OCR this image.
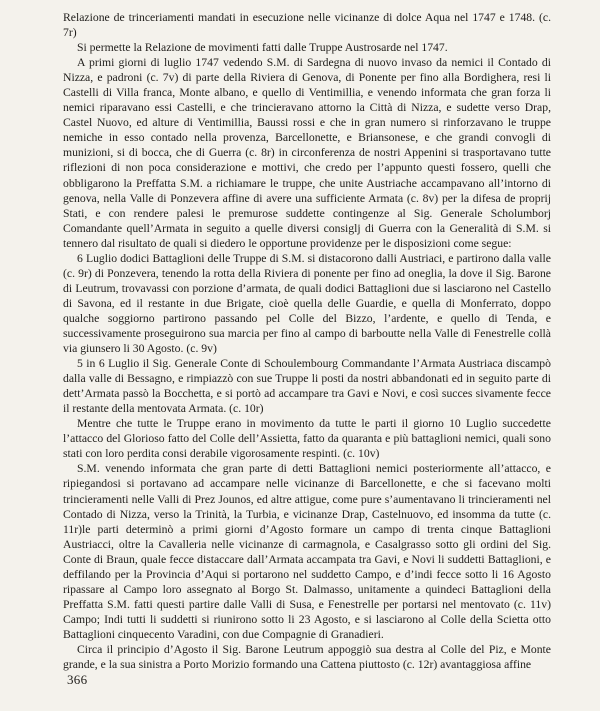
Relazione de trinceriamenti mandati in esecuzione nelle vicinanze di dolce Aqua nel 1747 e 1748. (c. 7r)

Si permette la Relazione de movimenti fatti dalle Truppe Austrosarde nel 1747.

A primi giorni di luglio 1747 vedendo S.M. di Sardegna di nuovo invaso da nemici il Contado di Nizza, e padroni (c. 7v) di parte della Riviera di Genova, di Ponente per fino alla Bordighera, resi li Castelli di Villa franca, Monte albano, e quello di Ventimillia, e venendo informata che gran forza li nemici riparavano essi Castelli, e che trincieravano attorno la Città di Nizza, e sudette verso Drap, Castel Nuovo, ed alture di Ventimillia, Baussi rossi e che in gran numero si rinforzavano le truppe nemiche in esso contado nella provenza, Barcellonette, e Briansonese, e che grandi convogli di munizioni, si di bocca, che di Guerra (c. 8r) in circonferenza de nostri Appenini si trasportavano tutte riflezioni di non poca considerazione e mottivi, che credo per l’appunto questi fossero, quelli che obbligarono la Preffatta S.M. a richiamare le truppe, che unite Austriache accampavano all’intorno di genova, nella Valle di Ponzevera affine di avere una sufficiente Armata (c. 8v) per la difesa de proprij Stati, e con rendere palesi le premurose suddette contingenze al Sig. Generale Scholumborj Comandante quell’Armata in seguito a quelle diversi consiglj di Guerra con la Generalità di S.M. si tennero dal risultato de quali si diedero le opportune providenze per le disposizioni come segue:

6 Luglio dodici Battaglioni delle Truppe di S.M. si distacorono dalli Austriaci, e partirono dalla valle (c. 9r) di Ponzevera, tenendo la rotta della Riviera di ponente per fino ad oneglia, la dove il Sig. Barone di Leutrum, trovavassi con porzione d’armata, de quali dodici Battaglioni due si lasciarono nel Castello di Savona, ed il restante in due Brigate, cioè quella delle Guardie, e quella di Monferrato, doppo qualche soggiorno partirono passando pel Colle del Bizzo, l’ardente, e quello di Tenda, e successivamente proseguirono sua marcia per fino al campo di barboutte nella Valle di Fenestrelle collà via giunsero li 30 Agosto. (c. 9v)

5 in 6 Luglio il Sig. Generale Conte di Schoulembourg Commandante l’Armata Austriaca discampò dalla valle di Bessagno, e rimpiazzò con sue Truppe li posti da nostri abbandonati ed in seguito parte di dett’Armata passò la Bocchetta, e si portò ad accampare tra Gavi e Novi, e così succes sivamente fecce il restante della mentovata Armata. (c. 10r)

Mentre che tutte le Truppe erano in movimento da tutte le parti il giorno 10 Luglio succedette l’attacco del Glorioso fatto del Colle dell’Assietta, fatto da quaranta e più battaglioni nemici, quali sono stati con loro perdita consi derabile vigorosamente respinti. (c. 10v)

S.M. venendo informata che gran parte di detti Battaglioni nemici posteriormente all’attacco, e ripiegandosi si portavano ad accampare nelle vicinanze di Barcellonette, e che si facevano molti trincieramenti nelle Valli di Prez Jounos, ed altre attigue, come pure s’aumentavano li trincieramenti nel Contado di Nizza, verso la Trinità, la Turbia, e vicinanze Drap, Castelnuovo, ed insomma da tutte (c. 11r)le parti determinò a primi giorni d’Agosto formare un campo di trenta cinque Battaglioni Austriacci, oltre la Cavalleria nelle vicinanze di carmagnola, e Casalgrasso sotto gli ordini del Sig. Conte di Braun, quale fecce distaccare dall’Armata accampata tra Gavi, e Novi li suddetti Battaglioni, e deffilando per la Provincia d’Aqui si portarono nel suddetto Campo, e d’indi fecce sotto li 16 Agosto ripassare al Campo loro assegnato al Borgo St. Dalmasso, unitamente a quindeci Battaglioni della Preffatta S.M. fatti questi partire dalle Valli di Susa, e Fenestrelle per portarsi nel mentovato (c. 11v) Campo; Indi tutti li suddetti si riunirono sotto li 23 Agosto, e si lasciarono al Colle della Scietta otto Battaglioni cinquecento Varadini, con due Compagnie di Granadieri.

Circa il principio d’Agosto il Sig. Barone Leutrum appoggiò sua destra al Colle del Piz, e Monte grande, e la sua sinistra a Porto Morizio formando una Cattena piuttosto (c. 12r) avantaggiosa affine

366
